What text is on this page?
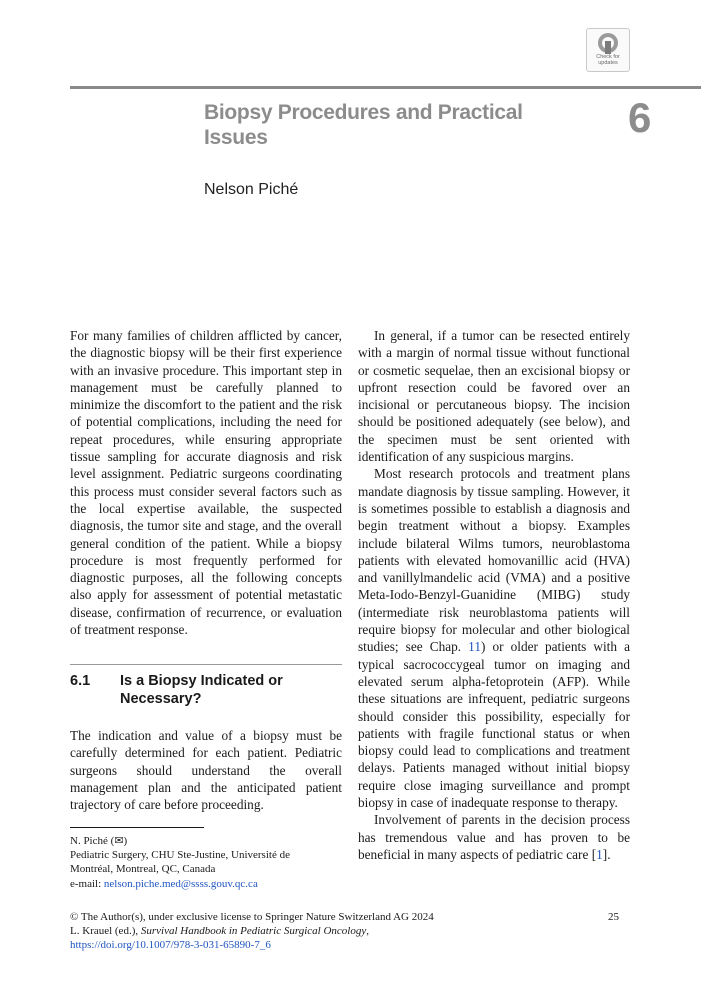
Check for
updates
Biopsy Procedures and Practical Issues	6
Nelson Piché

For many families of children afflicted by cancer, the diagnostic biopsy will be their first experience with an invasive procedure. This important step in management must be carefully planned to minimize the discomfort to the patient and the risk of potential complications, including the need for repeat procedures, while ensuring appropriate tissue sampling for accurate diagnosis and risk level assignment. Pediatric surgeons coordinating this process must consider several factors such as the local expertise available, the suspected diagnosis, the tumor site and stage, and the overall general condition of the patient. While a biopsy procedure is most frequently performed for diagnostic purposes, all the following concepts also apply for assessment of potential metastatic disease, confirmation of recurrence, or evaluation of treatment response.

6.1 Is a Biopsy Indicated or Necessary?

The indication and value of a biopsy must be carefully determined for each patient. Pediatric surgeons should understand the overall management plan and the anticipated patient trajectory of care before proceeding.

N. Piché (✉)
Pediatric Surgery, CHU Ste-Justine, Université de
Montréal, Montreal, QC, Canada
e-mail: nelson.piche.med@ssss.gouv.qc.ca

In general, if a tumor can be resected entirely with a margin of normal tissue without functional or cosmetic sequelae, then an excisional biopsy or upfront resection could be favored over an incisional or percutaneous biopsy. The incision should be positioned adequately (see below), and the specimen must be sent oriented with identification of any suspicious margins.

Most research protocols and treatment plans mandate diagnosis by tissue sampling. However, it is sometimes possible to establish a diagnosis and begin treatment without a biopsy. Examples include bilateral Wilms tumors, neuroblastoma patients with elevated homovanillic acid (HVA) and vanillylmandelic acid (VMA) and a positive Meta-Iodo-Benzyl-Guanidine (MIBG) study (intermediate risk neuroblastoma patients will require biopsy for molecular and other biological studies; see Chap. 11) or older patients with a typical sacrococcygeal tumor on imaging and elevated serum alpha-fetoprotein (AFP). While these situations are infrequent, pediatric surgeons should consider this possibility, especially for patients with fragile functional status or when biopsy could lead to complications and treatment delays. Patients managed without initial biopsy require close imaging surveillance and prompt biopsy in case of inadequate response to therapy.

Involvement of parents in the decision process has tremendous value and has proven to be beneficial in many aspects of pediatric care [1].

© The Author(s), under exclusive license to Springer Nature Switzerland AG 2024
L. Krauel (ed.), Survival Handbook in Pediatric Surgical Oncology,
https://doi.org/10.1007/978-3-031-65890-7_6
25
